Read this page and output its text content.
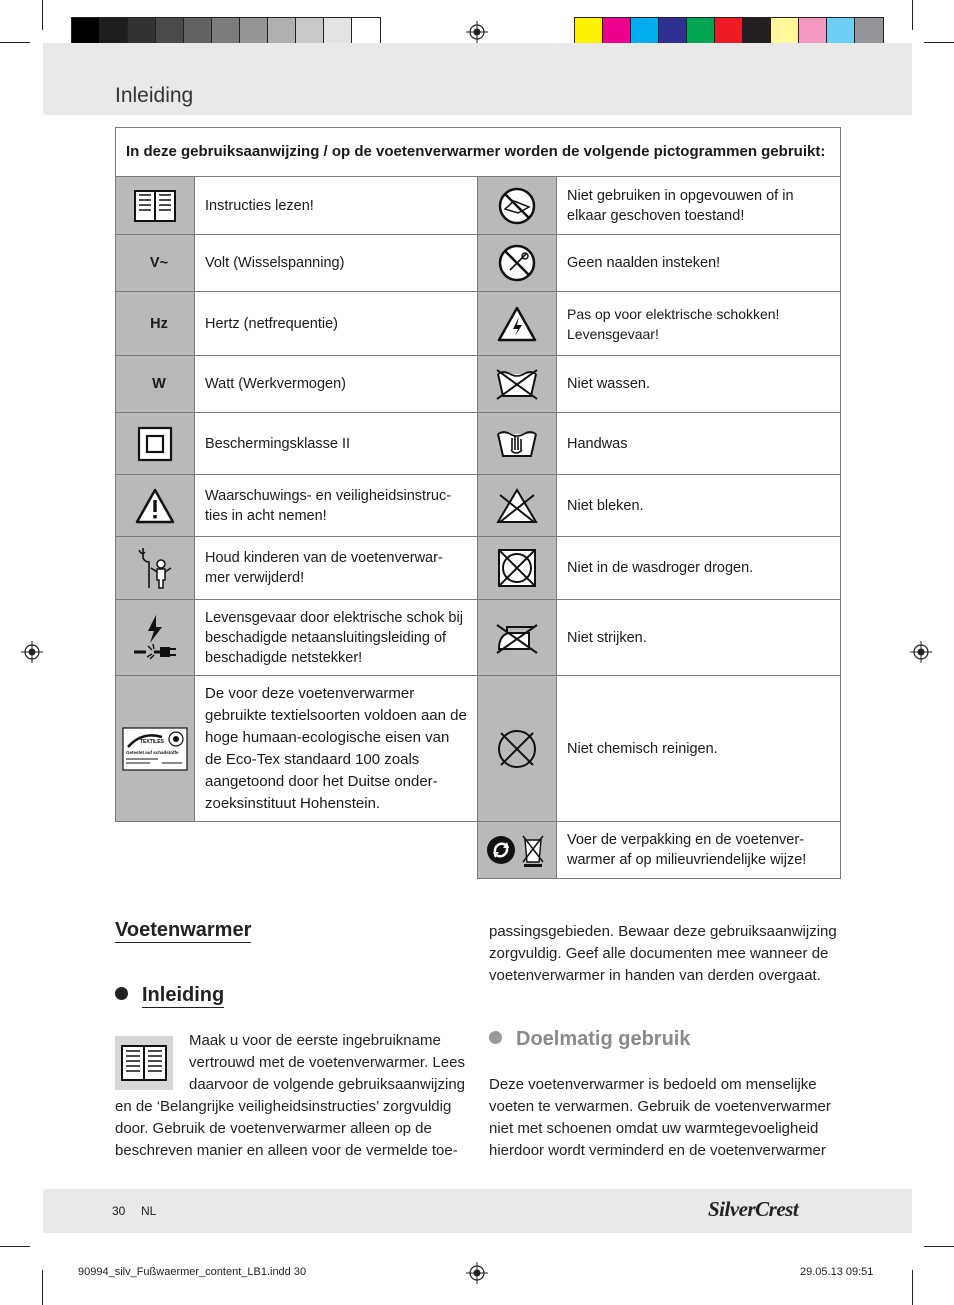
Inleiding
In deze gebruiksaanwijzing / op de voetenverwarmer worden de volgende pictogrammen gebruikt:			

	Instructies lezen!		Niet gebruiken in opgevouwen of in elkaar geschoven toestand!
V~	Volt (Wisselspanning)		Geen naalden insteken!
Hz	Hertz (netfrequentie)		Pas op voor elektrische schokken! Levensgevaar!
W	Watt (Werkvermogen)		Niet wassen.

	Beschermingsklasse II		Handwas

	Waarschuwings- en veiligheidsinstruc-ties in acht nemen!		Niet bleken.

	Houd kinderen van de voetenverwar-mer verwijderd!		Niet in de wasdroger drogen.

	Levensgevaar door elektrische schok bij beschadigde netaansluitingsleiding of beschadigde netstekker!		Niet strijken.

TEXTILES
Getestet auf schadstoffe	De voor deze voetenverwarmer gebruikte textielsoorten voldoen aan de hoge humaan-ecologische eisen van de Eco-Tex standaard 100 zoals aangetoond door het Duitse onder-zoeksinstituut Hohenstein.		Niet chemisch reinigen.

	Voer de verpakking en de voetenver-warmer af op milieuvriendelijke wijze!
Voetenwarmer
Inleiding
Maak u voor de eerste ingebruikname
vertrouwd met de voetenverwarmer. Lees
daarvoor de volgende gebruiksaanwijzing
en de ‘Belangrijke veiligheidsinstructies’ zorgvuldig
door. Gebruik de voetenverwarmer alleen op de
beschreven manier en alleen voor de vermelde toe-
passingsgebieden. Bewaar deze gebruiksaanwijzing
zorgvuldig. Geef alle documenten mee wanneer de
voetenverwarmer in handen van derden overgaat.
Doelmatig gebruik
Deze voetenverwarmer is bedoeld om menselijke
voeten te verwarmen. Gebruik de voetenverwarmer
niet met schoenen omdat uw warmtegevoeligheid
hierdoor wordt verminderd en de voetenverwarmer
30 NL	SilverCrest
90994_silv_Fußwaermer_content_LB1.indd 30	29.05.13 09:51
